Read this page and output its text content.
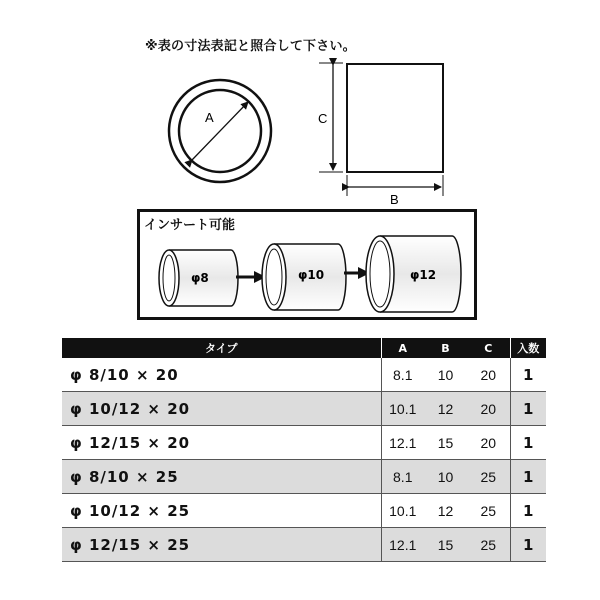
※表の寸法表記と照合して下さい。
A	C
B
φ8	φ10	φ12
インサート可能
タイプ	A	B	C	入数
φ 8/10 × 20	8.1	10	20	1
φ 10/12 × 20	10.1	12	20	1
φ 12/15 × 20	12.1	15	20	1
φ 8/10 × 25	8.1	10	25	1
φ 10/12 × 25	10.1	12	25	1
φ 12/15 × 25	12.1	15	25	1
